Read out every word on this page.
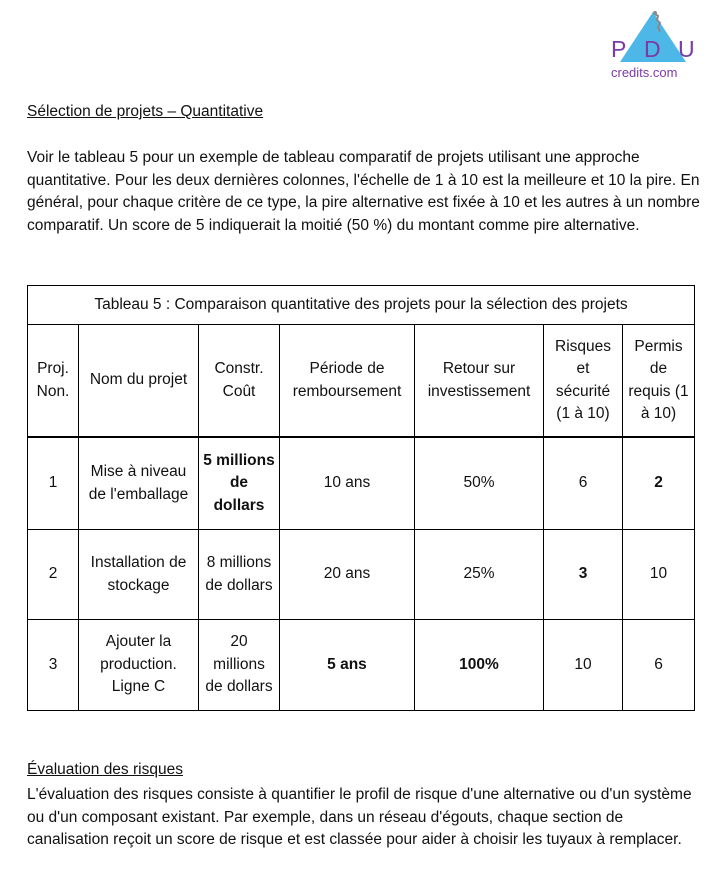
P D U
credits.com
Sélection de projets – Quantitative
Voir le tableau 5 pour un exemple de tableau comparatif de projets utilisant une approche quantitative. Pour les deux dernières colonnes, l'échelle de 1 à 10 est la meilleure et 10 la pire. En général, pour chaque critère de ce type, la pire alternative est fixée à 10 et les autres à un nombre comparatif. Un score de 5 indiquerait la moitié (50 %) du montant comme pire alternative.
Tableau 5 : Comparaison quantitative des projets pour la sélection des projets						
Proj. Non.	Nom du projet	Constr. Coût	Période de remboursement	Retour sur investissement	Risques et sécurité (1 à 10)	Permis de requis (1 à 10)
1	Mise à niveau de l'emballage	5 millions de dollars	10 ans	50%	6	2
2	Installation de stockage	8 millions de dollars	20 ans	25%	3	10
3	Ajouter la production. Ligne C	20 millions de dollars	5 ans	100%	10	6
Évaluation des risques
L'évaluation des risques consiste à quantifier le profil de risque d'une alternative ou d'un système ou d'un composant existant. Par exemple, dans un réseau d'égouts, chaque section de canalisation reçoit un score de risque et est classée pour aider à choisir les tuyaux à remplacer.
